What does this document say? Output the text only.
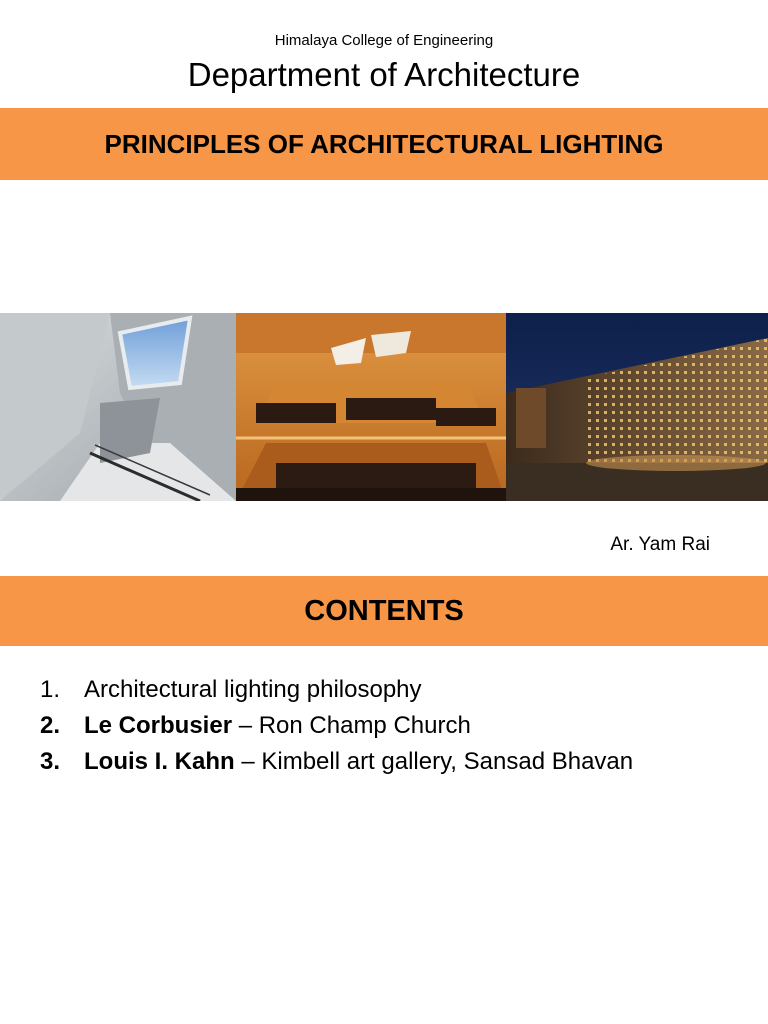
Himalaya College of Engineering
Department of Architecture
PRINCIPLES OF ARCHITECTURAL LIGHTING
Ar. Yam Rai
CONTENTS
1. Architectural lighting philosophy
2. Le Corbusier – Ron Champ Church
3. Louis I. Kahn – Kimbell art gallery, Sansad Bhavan
